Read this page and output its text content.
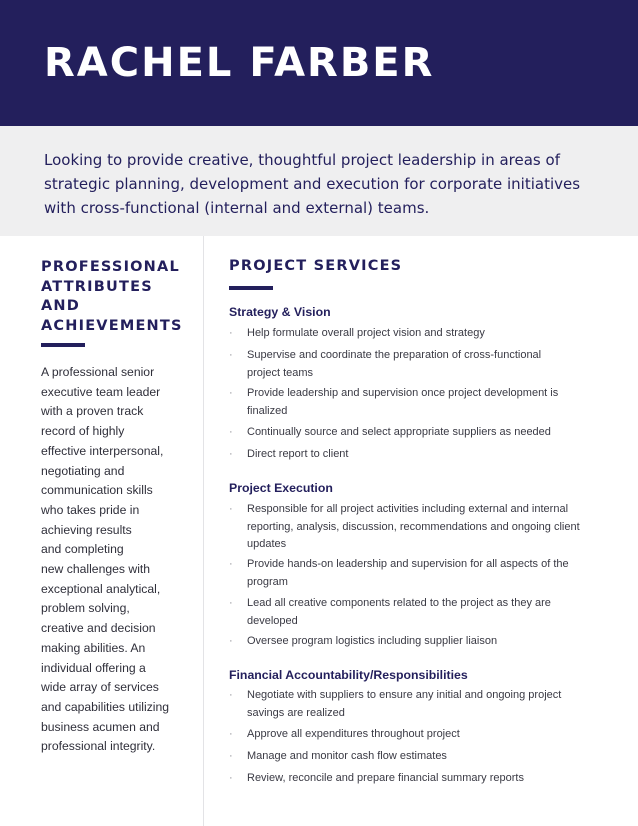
RACHEL FARBER
Looking to provide creative, thoughtful project leadership in areas of
strategic planning, development and execution for corporate initiatives
with cross-functional (internal and external) teams.
PROFESSIONAL
ATTRIBUTES
AND
ACHIEVEMENTS
A professional senior
executive team leader
with a proven track
record of highly
effective interpersonal,
negotiating and
communication skills
who takes pride in
achieving results
and completing
new challenges with
exceptional analytical,
problem solving,
creative and decision
making abilities. An
individual offering a
wide array of services
and capabilities utilizing
business acumen and
professional integrity.
PROJECT SERVICES
Strategy & Vision
·	Help formulate overall project vision and strategy
·	Supervise and coordinate the preparation of cross-functional
project teams
·	Provide leadership and supervision once project development is
finalized
·	Continually source and select appropriate suppliers as needed
·	Direct report to client
Project Execution
·	Responsible for all project activities including external and internal
reporting, analysis, discussion, recommendations and ongoing client
updates
·	Provide hands-on leadership and supervision for all aspects of the
program
·	Lead all creative components related to the project as they are
developed
·	Oversee program logistics including supplier liaison
Financial Accountability/Responsibilities
·	Negotiate with suppliers to ensure any initial and ongoing project
savings are realized
·	Approve all expenditures throughout project
·	Manage and monitor cash flow estimates
·	Review, reconcile and prepare financial summary reports
